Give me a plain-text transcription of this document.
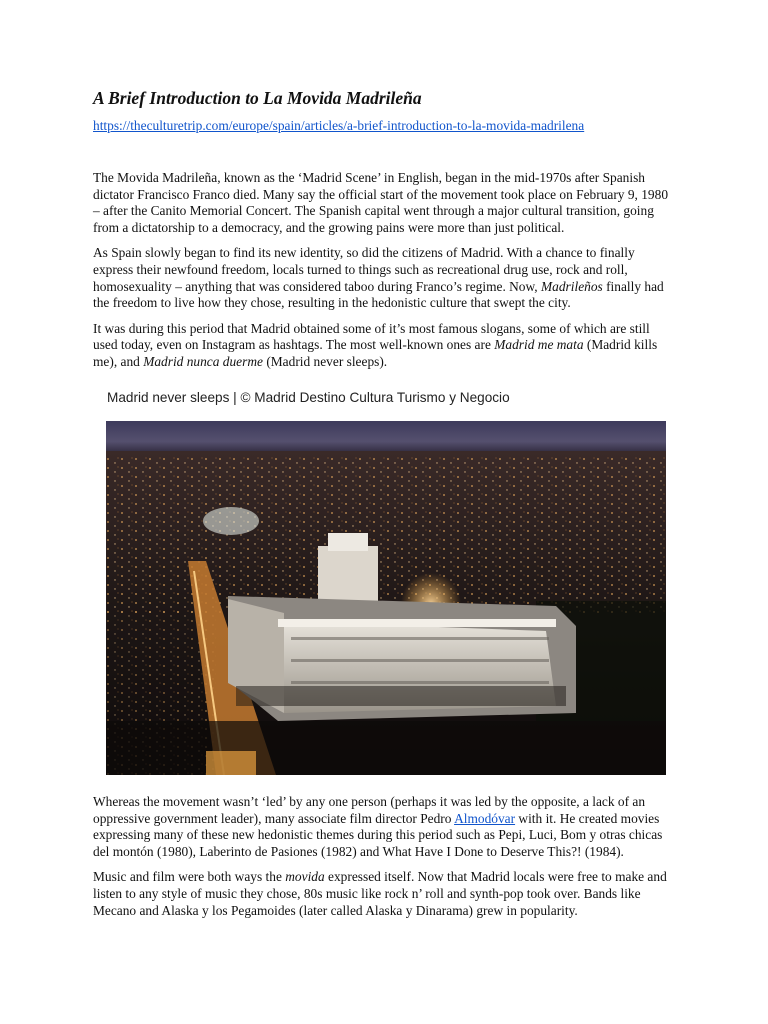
A Brief Introduction to La Movida Madrileña
https://theculturetrip.com/europe/spain/articles/a-brief-introduction-to-la-movida-madrilena

The Movida Madrileña, known as the ‘Madrid Scene’ in English, began in the mid-1970s after Spanish dictator Francisco Franco died. Many say the official start of the movement took place on February 9, 1980 – after the Canito Memorial Concert. The Spanish capital went through a major cultural transition, going from a dictatorship to a democracy, and the growing pains were more than just political.

As Spain slowly began to find its new identity, so did the citizens of Madrid. With a chance to finally express their newfound freedom, locals turned to things such as recreational drug use, rock and roll, homosexuality – anything that was considered taboo during Franco’s regime. Now, Madrileños finally had the freedom to live how they chose, resulting in the hedonistic culture that swept the city.

It was during this period that Madrid obtained some of it’s most famous slogans, some of which are still used today, even on Instagram as hashtags. The most well-known ones are Madrid me mata (Madrid kills me), and Madrid nunca duerme (Madrid never sleeps).

Madrid never sleeps | © Madrid Destino Cultura Turismo y Negocio

Whereas the movement wasn’t ‘led’ by any one person (perhaps it was led by the opposite, a lack of an oppressive government leader), many associate film director Pedro Almodóvar with it. He created movies expressing many of these new hedonistic themes during this period such as Pepi, Luci, Bom y otras chicas del montón (1980), Laberinto de Pasiones (1982) and What Have I Done to Deserve This?! (1984).

Music and film were both ways the movida expressed itself. Now that Madrid locals were free to make and listen to any style of music they chose, 80s music like rock n’ roll and synth-pop took over. Bands like Mecano and Alaska y los Pegamoides (later called Alaska y Dinarama) grew in popularity.
